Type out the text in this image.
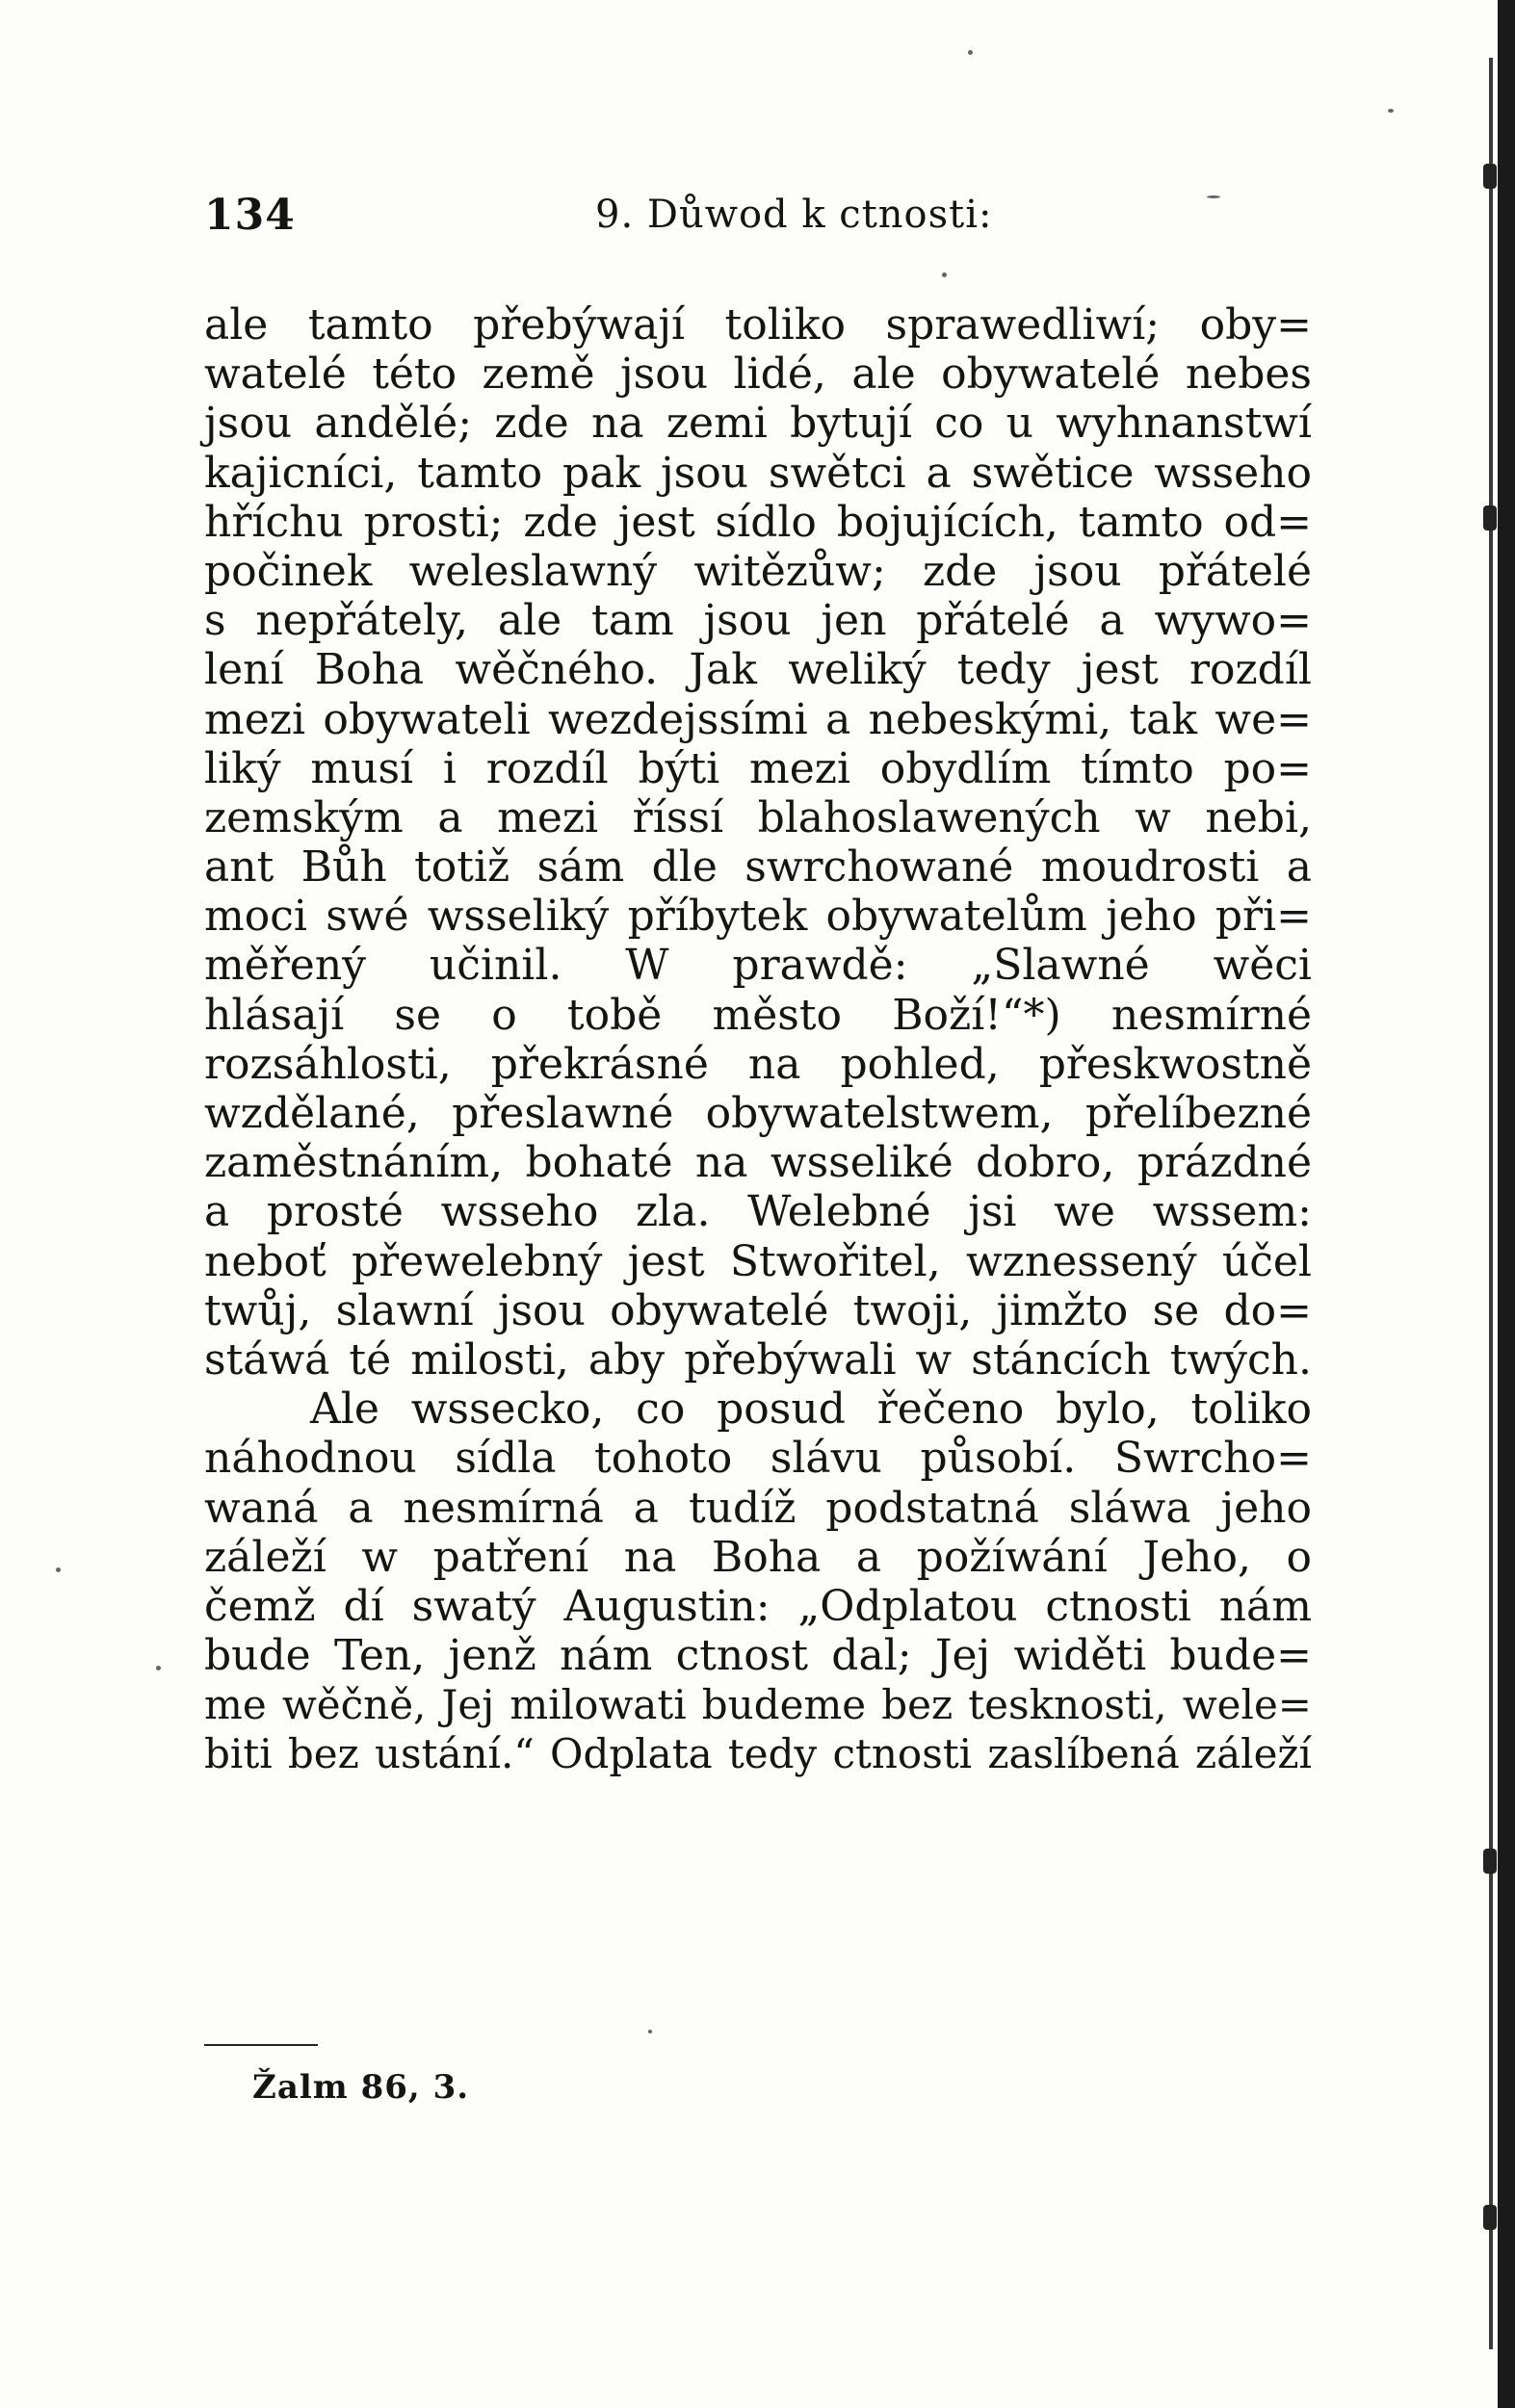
134	9. Důwod k ctnosti:
ale tamto přebýwají toliko sprawedliwí; oby=
watelé této země jsou lidé, ale obywatelé nebes
jsou andělé; zde na zemi bytují co u wyhnanstwí
kajicníci, tamto pak jsou swětci a swětice wsseho
hříchu prosti; zde jest sídlo bojujících, tamto od=
počinek weleslawný witězůw; zde jsou přátelé
s nepřátely, ale tam jsou jen přátelé a wywo=
lení Boha wěčného. Jak weliký tedy jest rozdíl
mezi obywateli wezdejssími a nebeskými, tak we=
liký musí i rozdíl býti mezi obydlím tímto po=
zemským a mezi říssí blahoslawených w nebi,
ant Bůh totiž sám dle swrchowané moudrosti a
moci swé wsseliký příbytek obywatelům jeho při=
měřený učinil. W prawdě: „Slawné wěci
hlásají se o tobě město Boží!“*) nesmírné
rozsáhlosti, překrásné na pohled, přeskwostně
wzdělané, přeslawné obywatelstwem, přelíbezné
zaměstnáním, bohaté na wsseliké dobro, prázdné
a prosté wsseho zla. Welebné jsi we wssem:
neboť přewelebný jest Stwořitel, wznessený účel
twůj, slawní jsou obywatelé twoji, jimžto se do=
stáwá té milosti, aby přebýwali w stáncích twých.
Ale wsseckо, co posud řečeno bylo, toliko
náhodnou sídla tohoto slávu působí. Swrcho=
waná a nesmírná a tudíž podstatná sláwa jeho
záleží w patření na Boha a požíwání Jeho, o
čemž dí swatý Augustin: „Odplatou ctnosti nám
bude Ten, jenž nám ctnost dal; Jej widěti bude=
me wěčně, Jej milowati budeme bez tesknosti, wele=
biti bez ustání.“ Odplata tedy ctnosti zaslíbená záleží
Žalm 86, 3.
